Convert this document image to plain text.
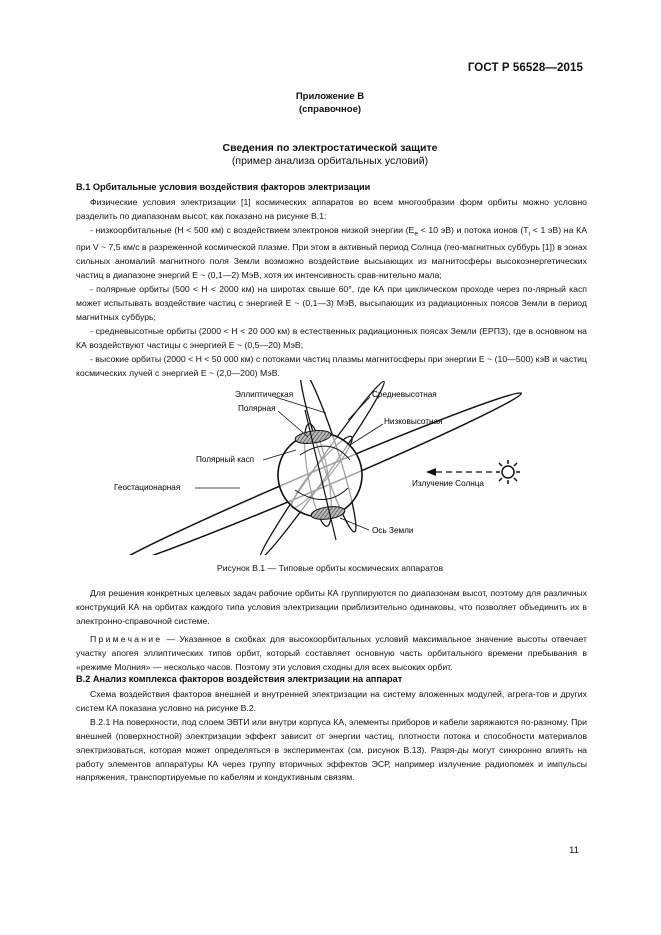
ГОСТ Р 56528—2015
Приложение В
(справочное)
Сведения по электростатической защите
(пример анализа орбитальных условий)
В.1 Орбитальные условия воздействия факторов электризации

Физические условия электризации [1] космических аппаратов во всем многообразии форм орбиты можно условно разделить по диапазонам высот, как показано на рисунке В.1:

- низкоорбитальные (H < 500 км) с воздействием электронов низкой энергии ($E_e < 10$ эВ) и потока ионов ($T_i < 1$ эВ) на КА при V ~ 7,5 км/с в разреженной космической плазме. При этом в активный период Солнца (гео-магнитных суббурь [1]) в зонах сильных аномалий магнитного поля Земли возможно воздействие высыающих из магнитосферы высокоэнергетических частиц в диапазоне энергий E ~ (0,1—2) МэВ, хотя их интенсивность срав-нительно мала;

- полярные орбиты (500 < H < 2000 км) на широтах свыше 60°, где КА при циклическом проходе через по-лярный касп может испытывать воздействие частиц с энергией E ~ (0,1—3) МэВ, высыпающих из радиационных поясов Земли в период магнитных суббурь;

- средневысотные орбиты (2000 < H < 20 000 км) в естественных радиационных поясах Земли (ЕРПЗ), где в основном на КА воздействуют частицы с энергией E ~ (0,5—20) МэВ;

- высокие орбиты (2000 < H < 50 000 км) с потоками частиц плазмы магнитосферы при энергии E ~ (10—500) кэВ и частиц космических лучей с энергией E ~ (2,0—200) МэВ.

Эллиптическая
Полярная
Средневысотная
Низковысотная
Полярный касп
Геостационарная	Излучение Солнца
Ось Земли
Рисунок В.1 — Типовые орбиты космических аппаратов

Для решения конкретных целевых задач рабочие орбиты КА группируются по диапазонам высот, поэтому для различных конструкций КА на орбитах каждого типа условия электризации приблизительно одинаковы, что позволяет объединить их в электронно-справочной системе.

Примечание — Указанное в скобках для высокоорбитальных условий максимальное значение высоты отвечает участку апогея эллиптических типов орбит, который составляет основную часть орбитального времени пребывания в «режиме Молния» — несколько часов. Поэтому эти условия сходны для всех высоких орбит.

В.2 Анализ комплекса факторов воздействия электризации на аппарат

Схема воздействия факторов внешней и внутренней электризации на систему вложенных модулей, агрега-тов и других систем КА показана условно на рисунке В.2.

В.2.1 На поверхности, под слоем ЭВТИ или внутри корпуса КА, элементы приборов и кабели заряжаются по-разному. При внешней (поверхностной) электризации эффект зависит от энергии частиц, плотности потока и способности материалов электризоваться, которая может определяться в экспериментах (см. рисунок В.13). Разря-ды могут синхронно влиять на работу элементов аппаратуры КА через группу вторичных эффектов ЭСР, например излучение радиопомех и импульсы напряжения, транспортируемые по кабелям и кондуктивным связям.

11
